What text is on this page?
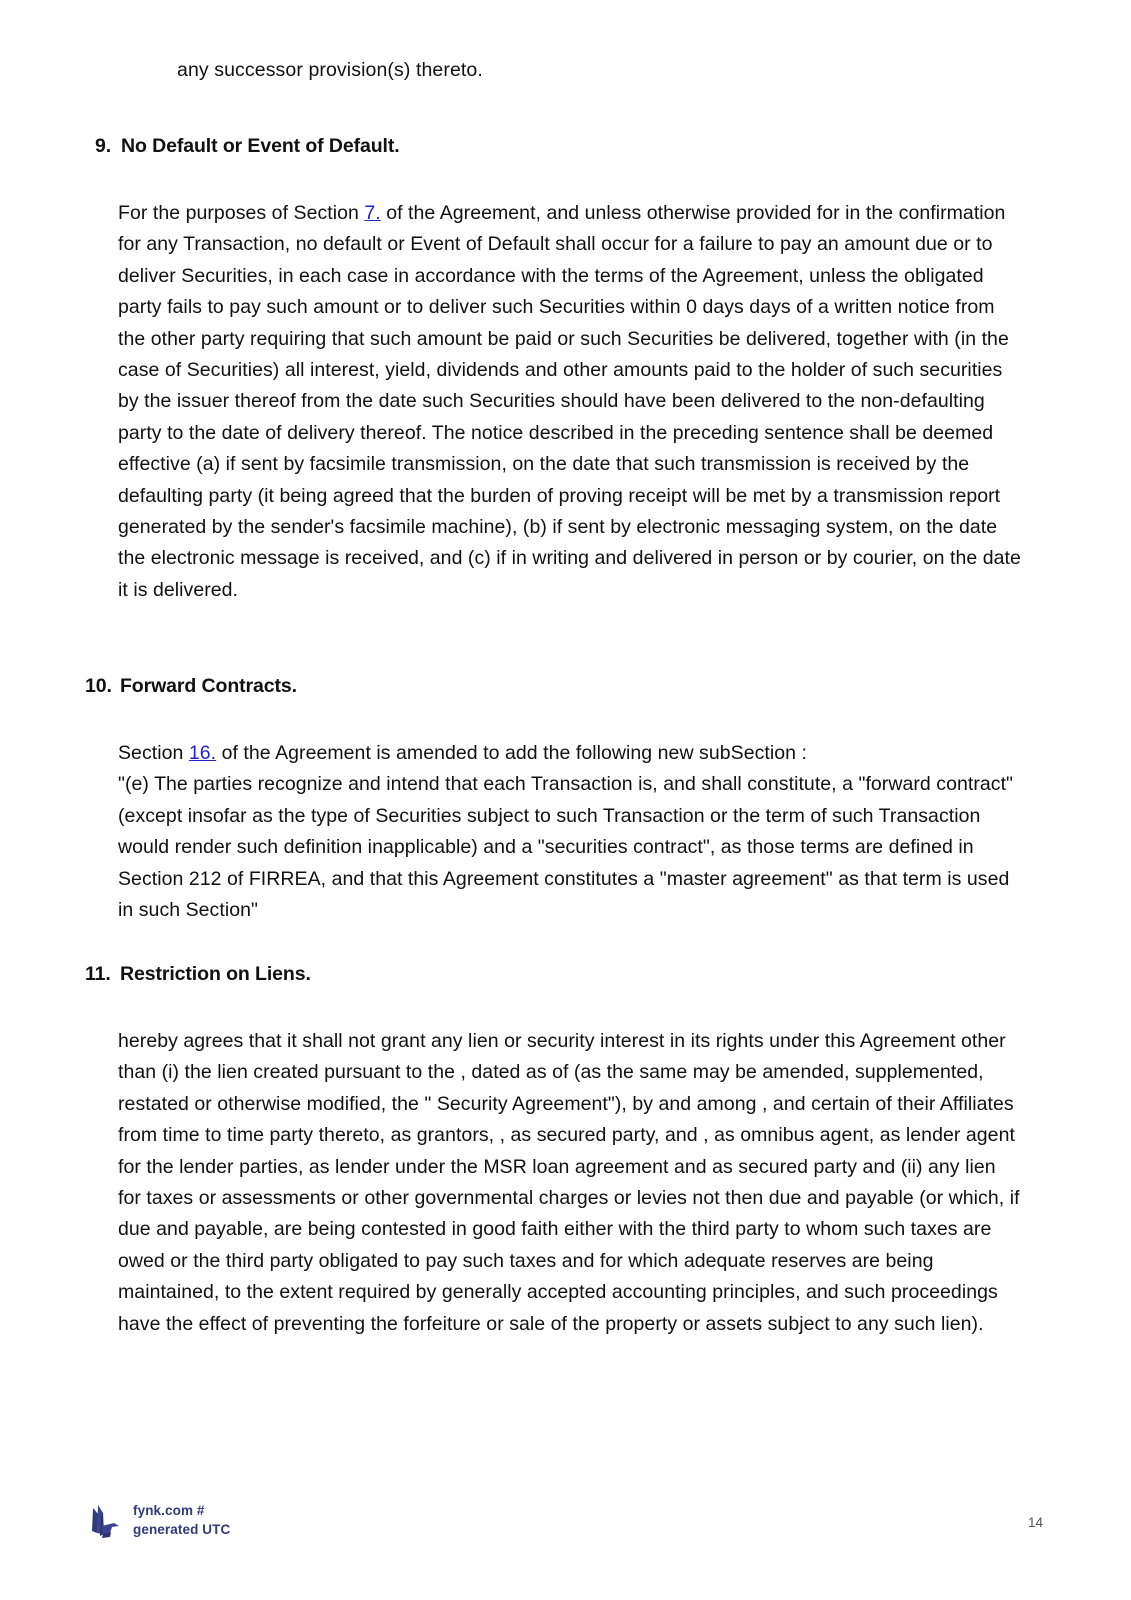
any successor provision(s) thereto.

9. No Default or Event of Default.

For the purposes of Section 7. of the Agreement, and unless otherwise provided for in the confirmation for any Transaction, no default or Event of Default shall occur for a failure to pay an amount due or to deliver Securities, in each case in accordance with the terms of the Agreement, unless the obligated party fails to pay such amount or to deliver such Securities within 0 days days of a written notice from the other party requiring that such amount be paid or such Securities be delivered, together with (in the case of Securities) all interest, yield, dividends and other amounts paid to the holder of such securities by the issuer thereof from the date such Securities should have been delivered to the non-defaulting party to the date of delivery thereof. The notice described in the preceding sentence shall be deemed effective (a) if sent by facsimile transmission, on the date that such transmission is received by the defaulting party (it being agreed that the burden of proving receipt will be met by a transmission report generated by the sender's facsimile machine), (b) if sent by electronic messaging system, on the date the electronic message is received, and (c) if in writing and delivered in person or by courier, on the date it is delivered.

10. Forward Contracts.

Section 16. of the Agreement is amended to add the following new subSection :

"(e) The parties recognize and intend that each Transaction is, and shall constitute, a "forward contract" (except insofar as the type of Securities subject to such Transaction or the term of such Transaction would render such definition inapplicable) and a "securities contract", as those terms are defined in Section 212 of FIRREA, and that this Agreement constitutes a "master agreement" as that term is used in such Section"

11. Restriction on Liens.

hereby agrees that it shall not grant any lien or security interest in its rights under this Agreement other than (i) the lien created pursuant to the , dated as of (as the same may be amended, supplemented, restated or otherwise modified, the " Security Agreement"), by and among , and certain of their Affiliates from time to time party thereto, as grantors, , as secured party, and , as omnibus agent, as lender agent for the lender parties, as lender under the MSR loan agreement and as secured party and (ii) any lien for taxes or assessments or other governmental charges or levies not then due and payable (or which, if due and payable, are being contested in good faith either with the third party to whom such taxes are owed or the third party obligated to pay such taxes and for which adequate reserves are being maintained, to the extent required by generally accepted accounting principles, and such proceedings have the effect of preventing the forfeiture or sale of the property or assets subject to any such lien).

fynk.com #
generated UTC	14
